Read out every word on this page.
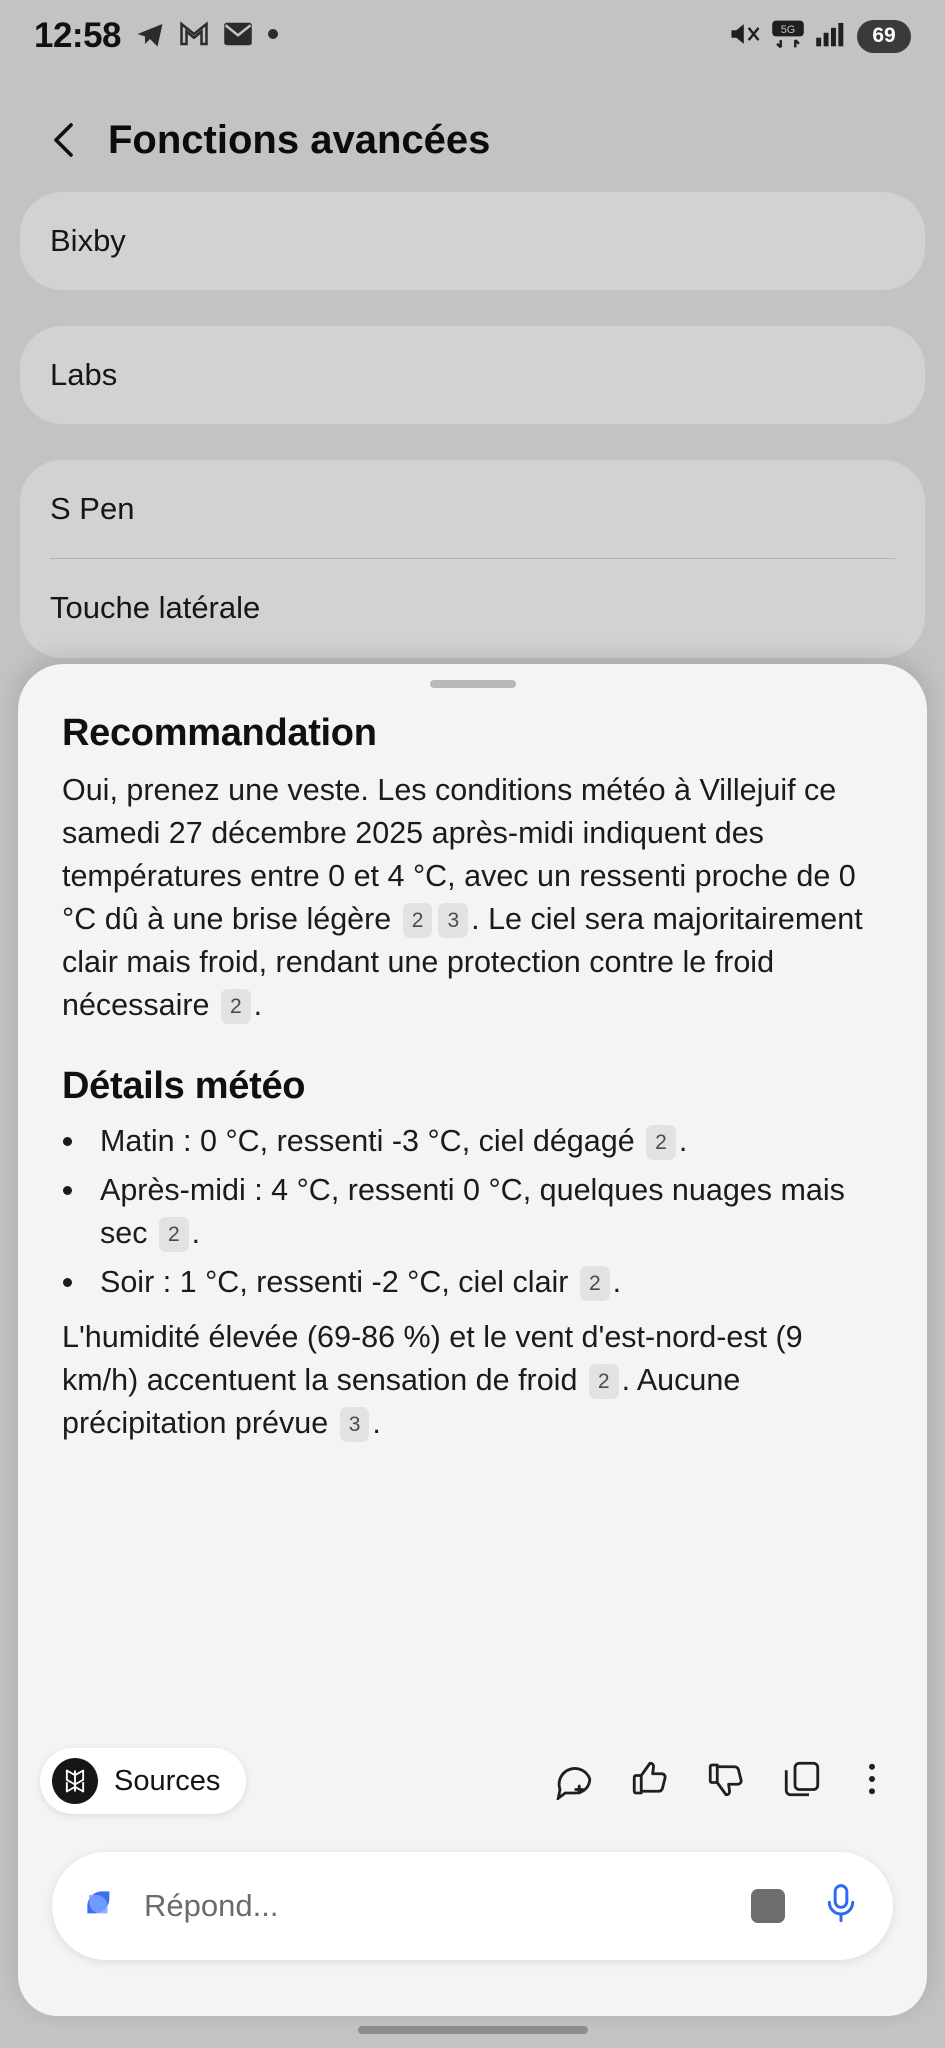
12:58	5G	69
Fonctions avancées
Bixby
Labs
S Pen
Touche latérale
Recommandation

Oui, prenez une veste. Les conditions météo à Villejuif ce samedi 27 décembre 2025 après-midi indiquent des températures entre 0 et 4 °C, avec un ressenti proche de 0 °C dû à une brise légère 2 3 . Le ciel sera majoritairement clair mais froid, rendant une protection contre le froid nécessaire 2 .

Détails météo
• Matin : 0 °C, ressenti -3 °C, ciel dégagé 2 .
• Après-midi : 4 °C, ressenti 0 °C, quelques nuages mais sec 2 .
• Soir : 1 °C, ressenti -2 °C, ciel clair 2 .

L'humidité élevée (69-86 %) et le vent d'est-nord-est (9 km/h) accentuent la sensation de froid 2 . Aucune précipitation prévue 3 .

Sources
Répond...
